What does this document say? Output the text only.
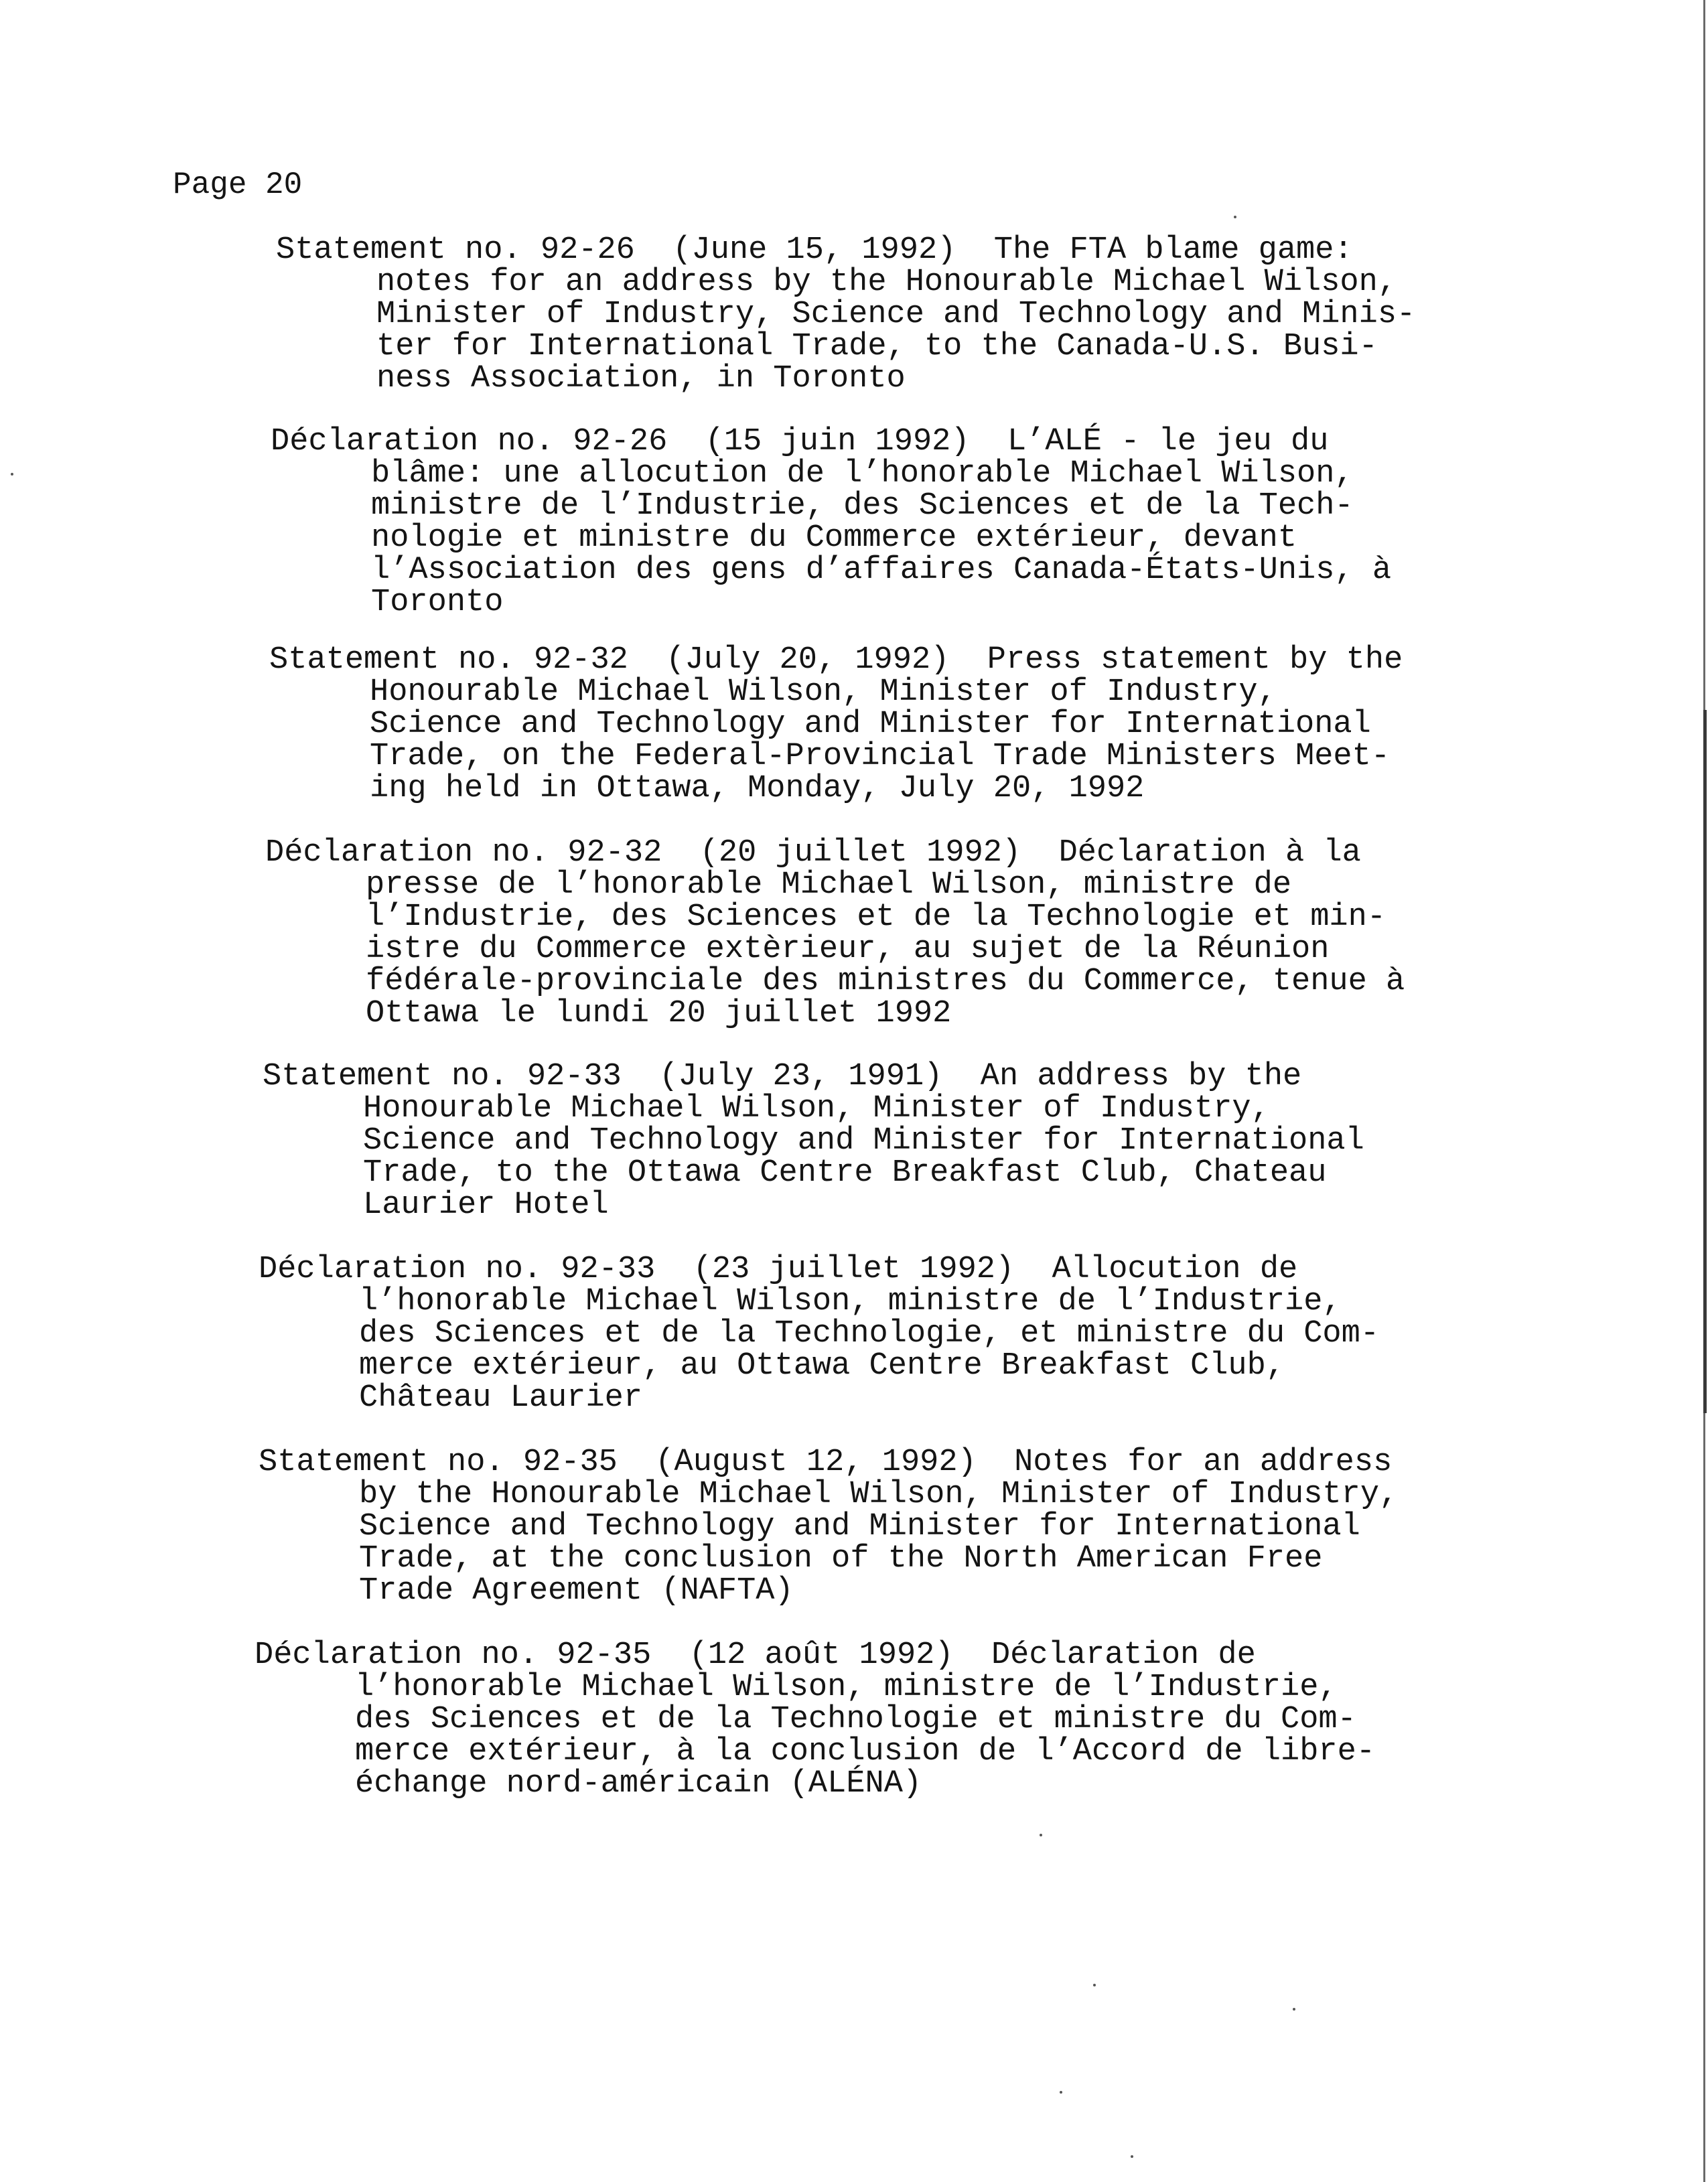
Page 20
Statement no. 92-26  (June 15, 1992)  The FTA blame game:
notes for an address by the Honourable Michael Wilson,
Minister of Industry, Science and Technology and Minis-
ter for International Trade, to the Canada-U.S. Busi-
ness Association, in Toronto
Déclaration no. 92-26  (15 juin 1992)  L’ALÉ - le jeu du
blâme: une allocution de l’honorable Michael Wilson,
ministre de l’Industrie, des Sciences et de la Tech-
nologie et ministre du Commerce extérieur, devant
l’Association des gens d’affaires Canada-États-Unis, à
Toronto
Statement no. 92-32  (July 20, 1992)  Press statement by the
Honourable Michael Wilson, Minister of Industry,
Science and Technology and Minister for International
Trade, on the Federal-Provincial Trade Ministers Meet-
ing held in Ottawa, Monday, July 20, 1992
Déclaration no. 92-32  (20 juillet 1992)  Déclaration à la
presse de l’honorable Michael Wilson, ministre de
l’Industrie, des Sciences et de la Technologie et min-
istre du Commerce extèrieur, au sujet de la Réunion
fédérale-provinciale des ministres du Commerce, tenue à
Ottawa le lundi 20 juillet 1992
Statement no. 92-33  (July 23, 1991)  An address by the
Honourable Michael Wilson, Minister of Industry,
Science and Technology and Minister for International
Trade, to the Ottawa Centre Breakfast Club, Chateau
Laurier Hotel
Déclaration no. 92-33  (23 juillet 1992)  Allocution de
l’honorable Michael Wilson, ministre de l’Industrie,
des Sciences et de la Technologie, et ministre du Com-
merce extérieur, au Ottawa Centre Breakfast Club,
Château Laurier
Statement no. 92-35  (August 12, 1992)  Notes for an address
by the Honourable Michael Wilson, Minister of Industry,
Science and Technology and Minister for International
Trade, at the conclusion of the North American Free
Trade Agreement (NAFTA)
Déclaration no. 92-35  (12 août 1992)  Déclaration de
l’honorable Michael Wilson, ministre de l’Industrie,
des Sciences et de la Technologie et ministre du Com-
merce extérieur, à la conclusion de l’Accord de libre-
échange nord-américain (ALÉNA)
